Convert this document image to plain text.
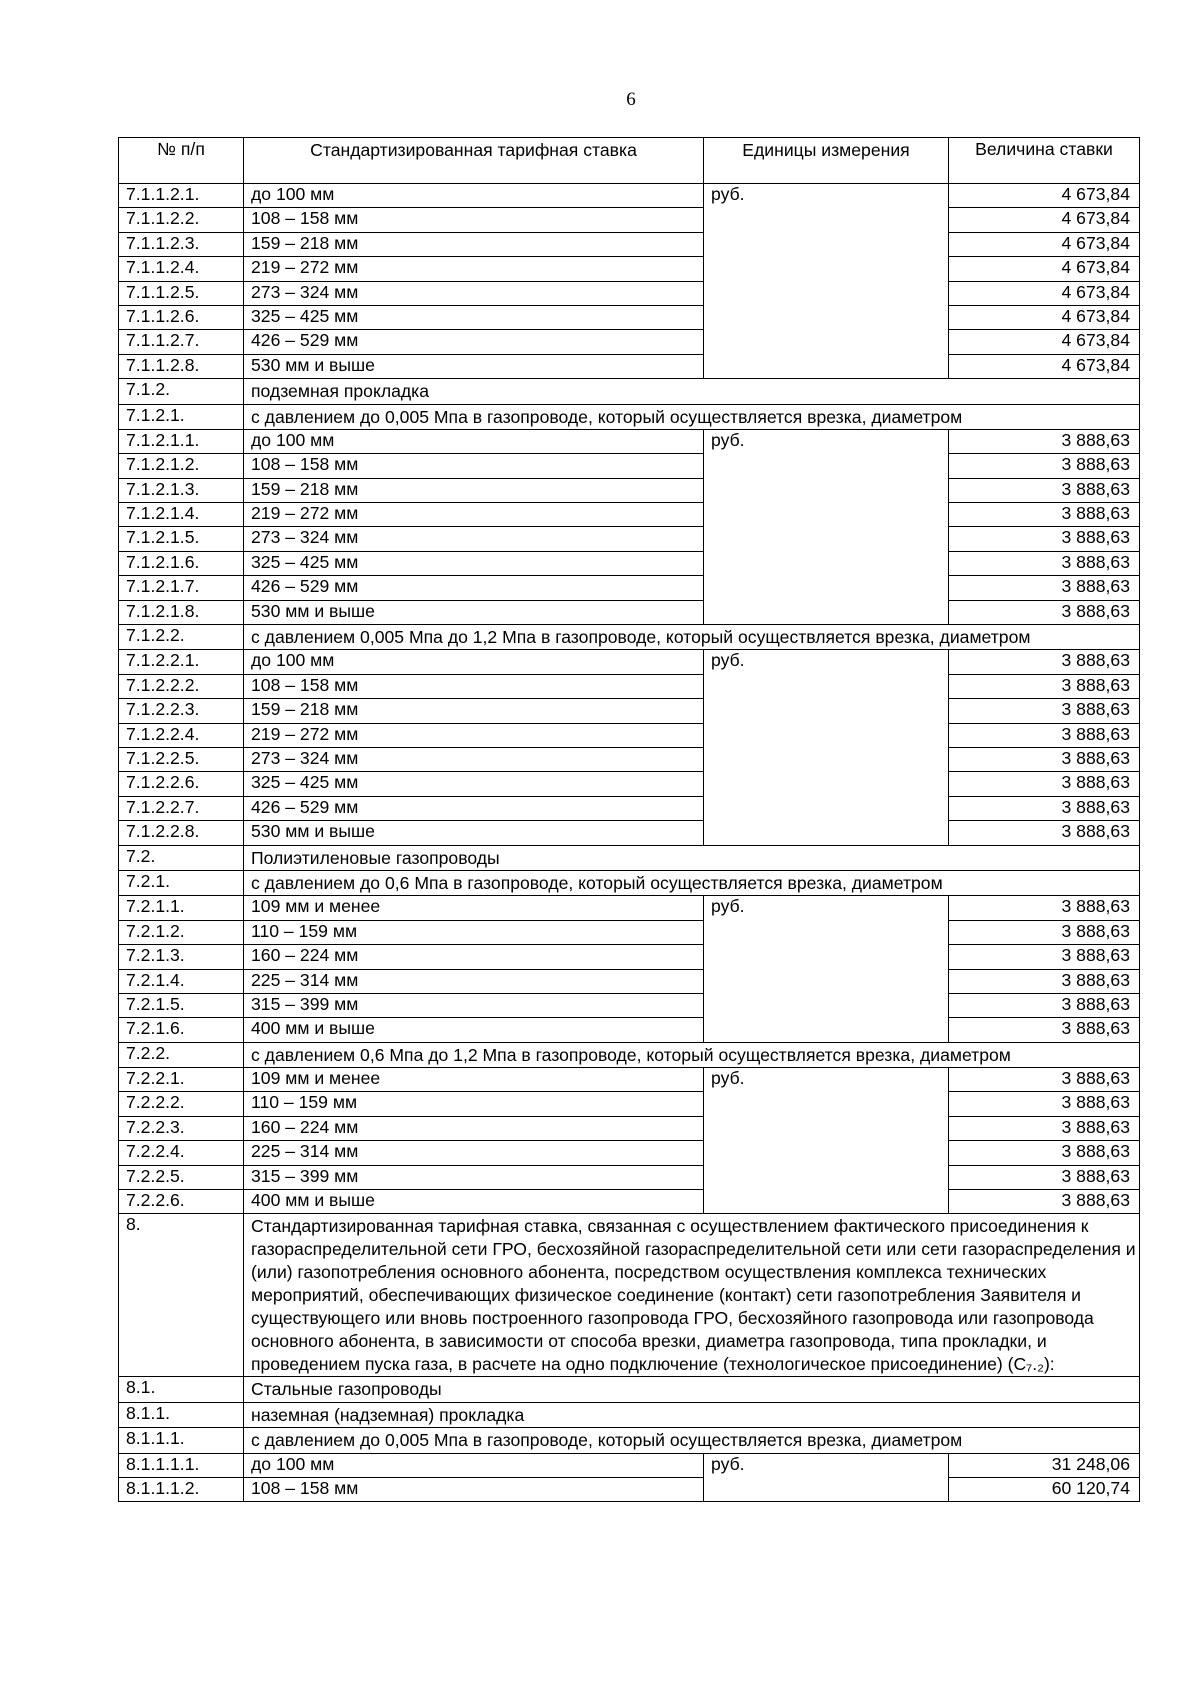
6
№ п/п	Стандартизированная тарифная ставка	Единицы измерения	Величина ставки
7.1.1.2.1.	до 100 мм	руб.	4 673,84
7.1.1.2.2.	108 – 158 мм		4 673,84
7.1.1.2.3.	159 – 218 мм		4 673,84
7.1.1.2.4.	219 – 272 мм		4 673,84
7.1.1.2.5.	273 – 324 мм		4 673,84
7.1.1.2.6.	325 – 425 мм		4 673,84
7.1.1.2.7.	426 – 529 мм		4 673,84
7.1.1.2.8.	530 мм и выше		4 673,84
7.1.2.	подземная прокладка		
7.1.2.1.	с давлением до 0,005 Мпа в газопроводе, который осуществляется врезка, диаметром		
7.1.2.1.1.	до 100 мм	руб.	3 888,63
7.1.2.1.2.	108 – 158 мм		3 888,63
7.1.2.1.3.	159 – 218 мм		3 888,63
7.1.2.1.4.	219 – 272 мм		3 888,63
7.1.2.1.5.	273 – 324 мм		3 888,63
7.1.2.1.6.	325 – 425 мм		3 888,63
7.1.2.1.7.	426 – 529 мм		3 888,63
7.1.2.1.8.	530 мм и выше		3 888,63
7.1.2.2.	с давлением 0,005 Мпа до 1,2 Мпа в газопроводе, который осуществляется врезка, диаметром		
7.1.2.2.1.	до 100 мм	руб.	3 888,63
7.1.2.2.2.	108 – 158 мм		3 888,63
7.1.2.2.3.	159 – 218 мм		3 888,63
7.1.2.2.4.	219 – 272 мм		3 888,63
7.1.2.2.5.	273 – 324 мм		3 888,63
7.1.2.2.6.	325 – 425 мм		3 888,63
7.1.2.2.7.	426 – 529 мм		3 888,63
7.1.2.2.8.	530 мм и выше		3 888,63
7.2.	Полиэтиленовые газопроводы		
7.2.1.	с давлением до 0,6 Мпа в газопроводе, который осуществляется врезка, диаметром		
7.2.1.1.	109 мм и менее	руб.	3 888,63
7.2.1.2.	110 – 159 мм		3 888,63
7.2.1.3.	160 – 224 мм		3 888,63
7.2.1.4.	225 – 314 мм		3 888,63
7.2.1.5.	315 – 399 мм		3 888,63
7.2.1.6.	400 мм и выше		3 888,63
7.2.2.	с давлением 0,6 Мпа до 1,2 Мпа в газопроводе, который осуществляется врезка, диаметром		
7.2.2.1.	109 мм и менее	руб.	3 888,63
7.2.2.2.	110 – 159 мм		3 888,63
7.2.2.3.	160 – 224 мм		3 888,63
7.2.2.4.	225 – 314 мм		3 888,63
7.2.2.5.	315 – 399 мм		3 888,63
7.2.2.6.	400 мм и выше		3 888,63
8.	Стандартизированная тарифная ставка, связанная с осуществлением фактического присоединения к газораспределительной сети ГРО, бесхозяйной газораспределительной сети или сети газораспределения и (или) газопотребления основного абонента, посредством осуществления комплекса технических мероприятий, обеспечивающих физическое соединение (контакт) сети газопотребления Заявителя и существующего или вновь построенного газопровода ГРО, бесхозяйного газопровода или газопровода основного абонента, в зависимости от способа врезки, диаметра газопровода, типа прокладки, и проведением пуска газа, в расчете на одно подключение (технологическое присоединение) (C₇.₂):		
8.1.	Стальные газопроводы		
8.1.1.	наземная (надземная) прокладка		
8.1.1.1.	с давлением до 0,005 Мпа в газопроводе, который осуществляется врезка, диаметром		
8.1.1.1.1.	до 100 мм	руб.	31 248,06
8.1.1.1.2.	108 – 158 мм		60 120,74
